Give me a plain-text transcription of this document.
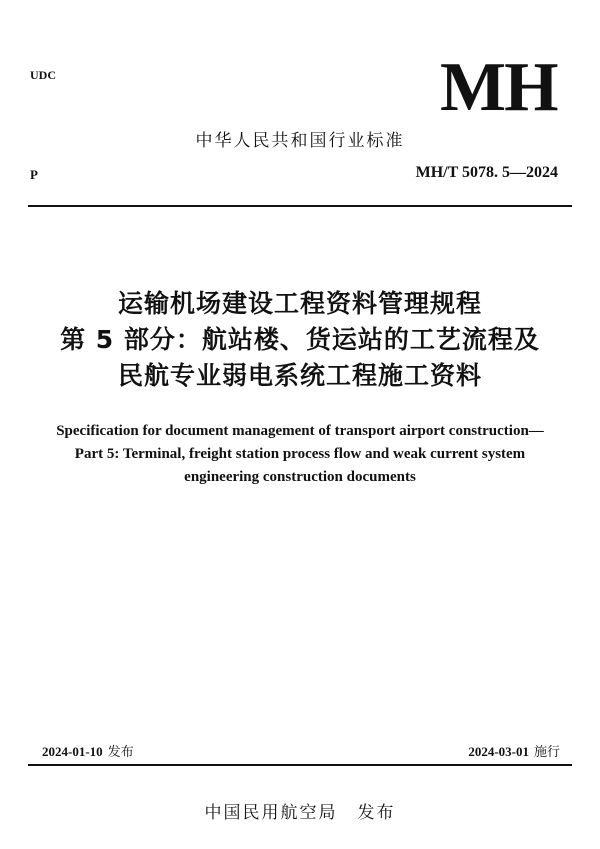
UDC	MH
中华人民共和国行业标准
P	MH/T 5078. 5—2024
运输机场建设工程资料管理规程
第 5 部分：航站楼、货运站的工艺流程及
民航专业弱电系统工程施工资料
Specification for document management of transport airport construction—
Part 5: Terminal, freight station process flow and weak current system
engineering construction documents
2024-01-10 发布	2024-03-01 施行
中国民用航空局 发布
